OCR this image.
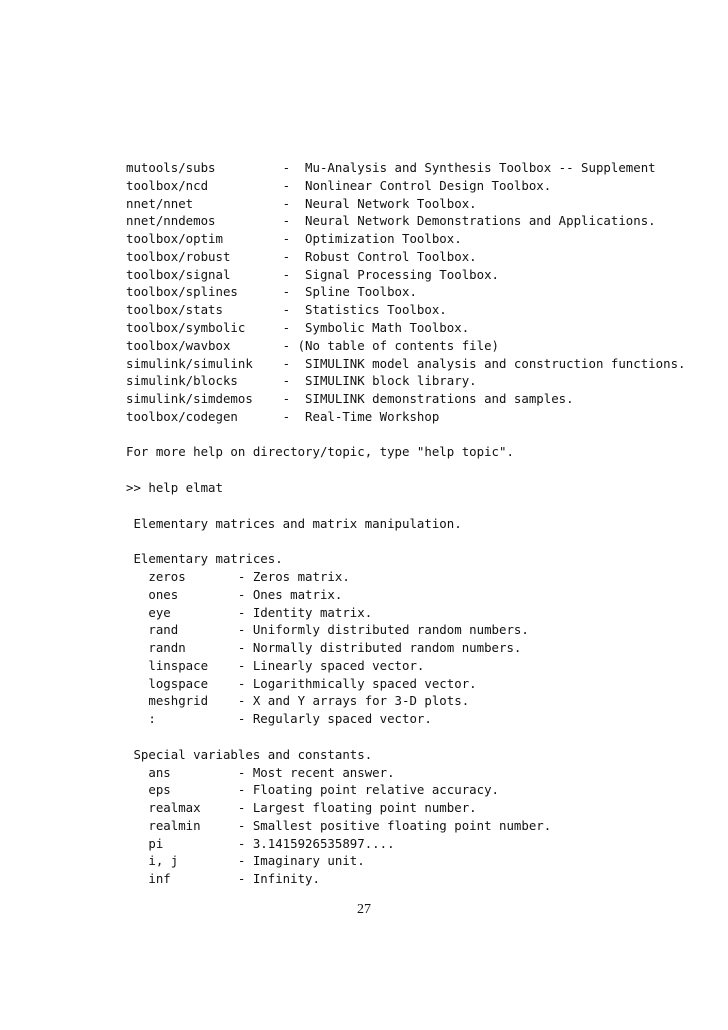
mutools/subs         -  Mu-Analysis and Synthesis Toolbox -- Supplement
toolbox/ncd          -  Nonlinear Control Design Toolbox.
nnet/nnet            -  Neural Network Toolbox.
nnet/nndemos         -  Neural Network Demonstrations and Applications.
toolbox/optim        -  Optimization Toolbox.
toolbox/robust       -  Robust Control Toolbox.
toolbox/signal       -  Signal Processing Toolbox.
toolbox/splines      -  Spline Toolbox.
toolbox/stats        -  Statistics Toolbox.
toolbox/symbolic     -  Symbolic Math Toolbox.
toolbox/wavbox       - (No table of contents file)
simulink/simulink    -  SIMULINK model analysis and construction functions.
simulink/blocks      -  SIMULINK block library.
simulink/simdemos    -  SIMULINK demonstrations and samples.
toolbox/codegen      -  Real-Time Workshop
For more help on directory/topic, type "help topic".
>> help elmat
Elementary matrices and matrix manipulation.
Elementary matrices.
zeros       - Zeros matrix.
ones        - Ones matrix.
eye         - Identity matrix.
rand        - Uniformly distributed random numbers.
randn       - Normally distributed random numbers.
linspace    - Linearly spaced vector.
logspace    - Logarithmically spaced vector.
meshgrid    - X and Y arrays for 3-D plots.
:           - Regularly spaced vector.
Special variables and constants.
ans         - Most recent answer.
eps         - Floating point relative accuracy.
realmax     - Largest floating point number.
realmin     - Smallest positive floating point number.
pi          - 3.1415926535897....
i, j        - Imaginary unit.
inf         - Infinity.
27
